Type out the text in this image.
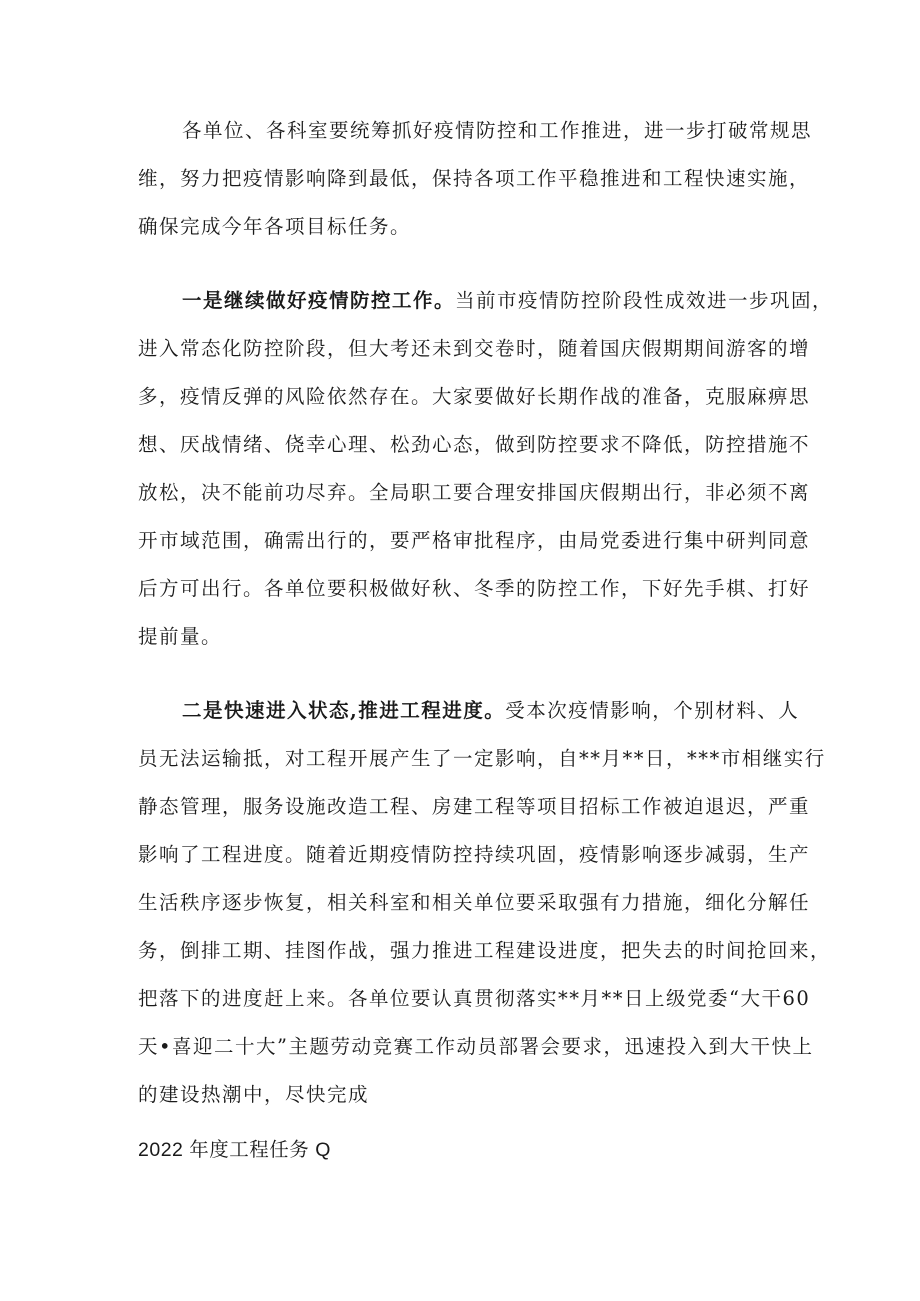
各单位、各科室要统筹抓好疫情防控和工作推进，进一步打破常规思
维，努力把疫情影响降到最低，保持各项工作平稳推进和工程快速实施，
确保完成今年各项目标任务。
一是继续做好疫情防控工作。当前市疫情防控阶段性成效进一步巩固，
进入常态化防控阶段，但大考还未到交卷时，随着国庆假期期间游客的增
多，疫情反弹的风险依然存在。大家要做好长期作战的准备，克服麻痹思
想、厌战情绪、侥幸心理、松劲心态，做到防控要求不降低，防控措施不
放松，决不能前功尽弃。全局职工要合理安排国庆假期出行，非必须不离
开市域范围，确需出行的，要严格审批程序，由局党委进行集中研判同意
后方可出行。各单位要积极做好秋、冬季的防控工作，下好先手棋、打好
提前量。
二是快速进入状态,推进工程进度。受本次疫情影响，个别材料、人
员无法运输抵，对工程开展产生了一定影响，自**月**日，***市相继实行
静态管理，服务设施改造工程、房建工程等项目招标工作被迫退迟，严重
影响了工程进度。随着近期疫情防控持续巩固，疫情影响逐步减弱，生产
生活秩序逐步恢复，相关科室和相关单位要采取强有力措施，细化分解任
务，倒排工期、挂图作战，强力推进工程建设进度，把失去的时间抢回来，
把落下的进度赶上来。各单位要认真贯彻落实**月**日上级党委“大干60
天•喜迎二十大”主题劳动竞赛工作动员部署会要求，迅速投入到大干快上
的建设热潮中，尽快完成
2022 年度工程任务 Q
